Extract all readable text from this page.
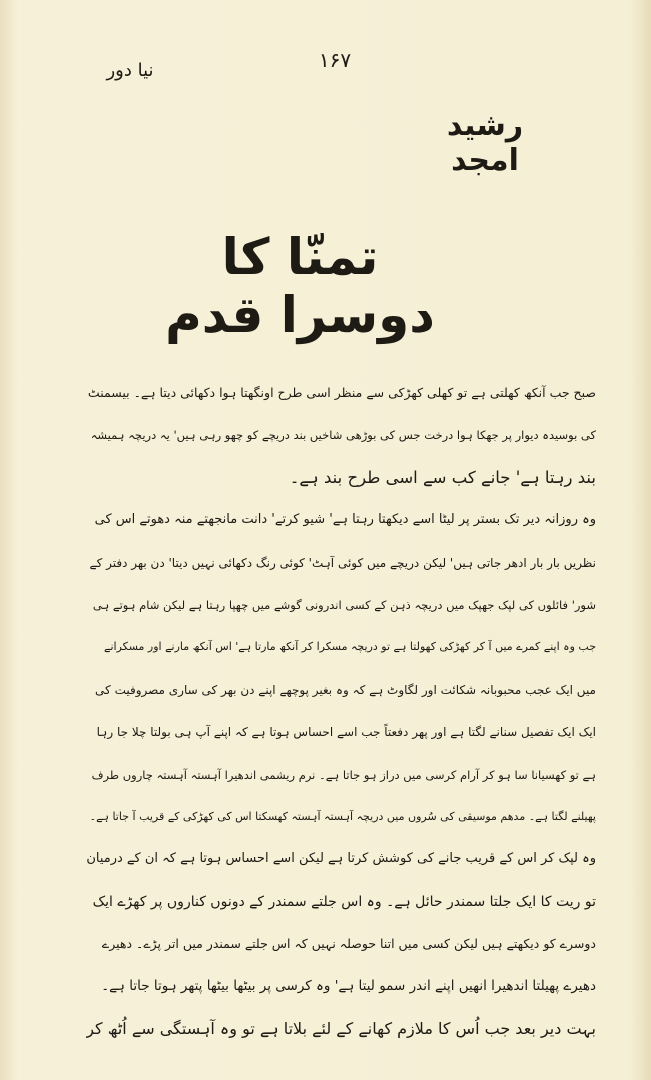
۱۶۷
نیا دور
رشید امجد
تمنّا کا دوسرا قدم
صبح جب آنکھ کھلتی ہے تو کھلی کھڑکی سے منظر اسی طرح اونگھتا ہوا دکھائی دیتا ہے۔ بیسمنٹ
کی بوسیدہ دیوار پر جھکا ہوا درخت جس کی بوڑھی شاخیں بند دریچے کو چھو رہی ہیں' یہ دریچہ ہمیشہ
بند رہتا ہے' جانے کب سے اسی طرح بند ہے۔
وہ روزانہ دیر تک بستر پر لیٹا اسے دیکھتا رہتا ہے' شیو کرتے' دانت مانجھتے منہ دھوتے اس کی
نظریں بار بار ادھر جاتی ہیں' لیکن دریچے میں کوئی آہٹ' کوئی رنگ دکھائی نہیں دیتا' دن بھر دفتر کے
شور' فائلوں کی لپک جھپک میں دریچہ ذہن کے کسی اندرونی گوشے میں چھپا رہتا ہے لیکن شام ہوتے ہی
جب وہ اپنے کمرے میں آ کر کھڑکی کھولتا ہے تو دریچہ مسکرا کر آنکھ مارتا ہے' اس آنکھ مارنے اور مسکرانے
میں ایک عجب محبوبانہ شکائت اور لگاوٹ ہے کہ وہ بغیر پوچھے اپنے دن بھر کی ساری مصروفیت کی
ایک ایک تفصیل سنانے لگتا ہے اور پھر دفعتاً جب اسے احساس ہوتا ہے کہ اپنے آپ ہی بولتا چلا جا رہا
ہے تو کھسیانا سا ہو کر آرام کرسی میں دراز ہو جاتا ہے۔ نرم ریشمی اندھیرا آہستہ آہستہ چاروں طرف
پھیلنے لگتا ہے۔ مدھم موسیقی کی سُروں میں دریچہ آہستہ آہستہ کھسکتا اس کی کھڑکی کے قریب آ جاتا ہے۔
وہ لپک کر اس کے قریب جانے کی کوشش کرتا ہے لیکن اسے احساس ہوتا ہے کہ ان کے درمیان
تو ریت کا ایک جلتا سمندر حائل ہے۔ وہ اس جلتے سمندر کے دونوں کناروں پر کھڑے ایک
دوسرے کو دیکھتے ہیں لیکن کسی میں اتنا حوصلہ نہیں کہ اس جلتے سمندر میں اتر پڑے۔ دھیرے
دھیرے پھیلتا اندھیرا انھیں اپنے اندر سمو لیتا ہے' وہ کرسی پر بیٹھا بیٹھا پتھر ہوتا جاتا ہے۔
بہت دیر بعد جب اُس کا ملازم کھانے کے لئے بلاتا ہے تو وہ آہستگی سے اُٹھ کر
